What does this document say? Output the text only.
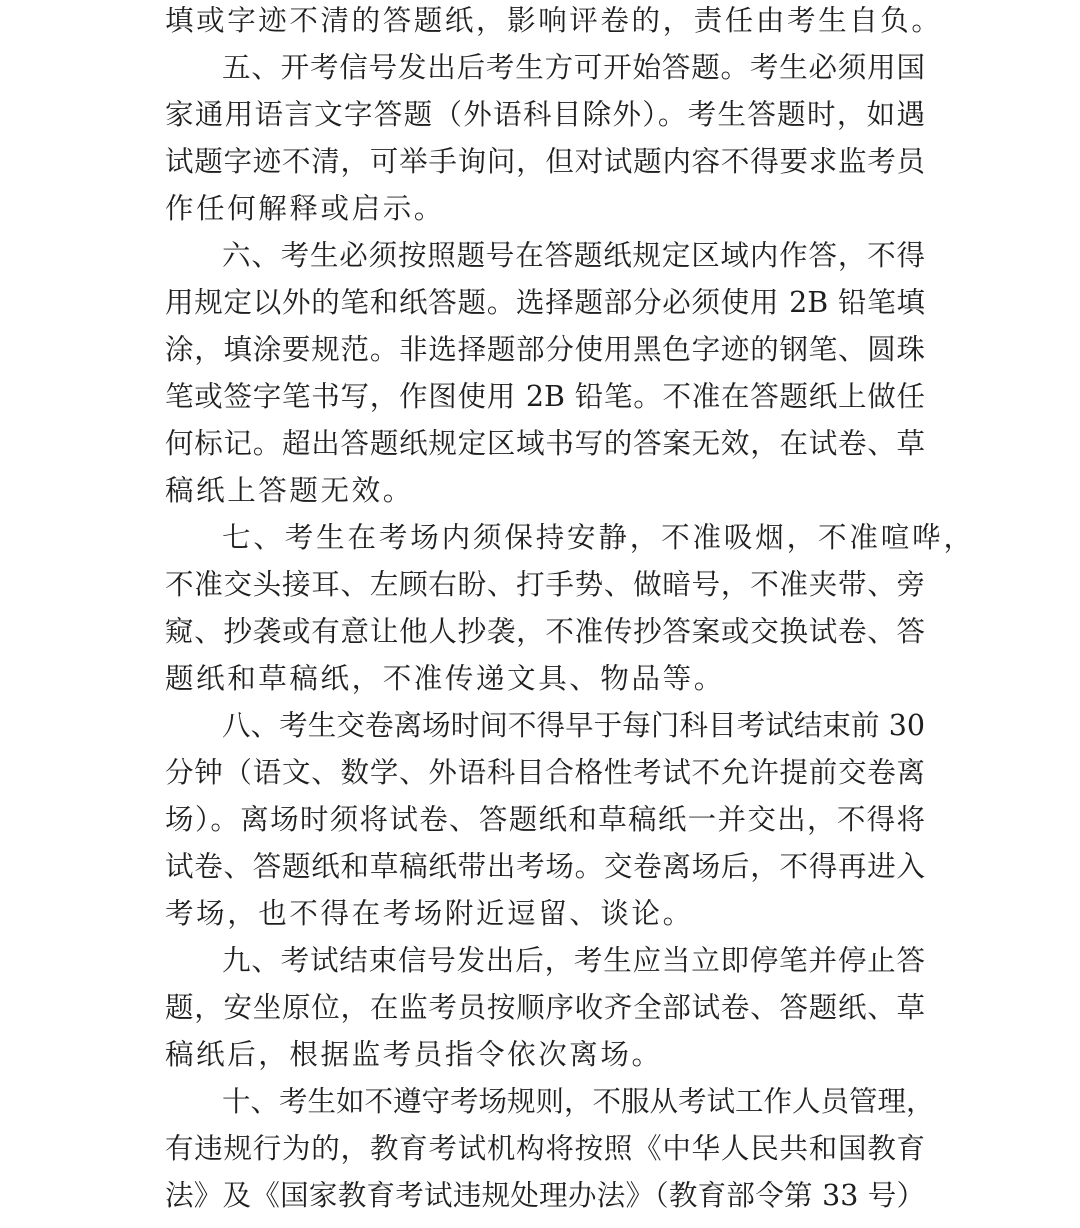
填或字迹不清的答题纸，影响评卷的，责任由考生自负。
五、开考信号发出后考生方可开始答题。考生必须用国
家通用语言文字答题（外语科目除外）。考生答题时，如遇
试题字迹不清，可举手询问，但对试题内容不得要求监考员
作任何解释或启示。
六、考生必须按照题号在答题纸规定区域内作答，不得
用规定以外的笔和纸答题。选择题部分必须使用 2B 铅笔填
涂，填涂要规范。非选择题部分使用黑色字迹的钢笔、圆珠
笔或签字笔书写，作图使用 2B 铅笔。不准在答题纸上做任
何标记。超出答题纸规定区域书写的答案无效，在试卷、草
稿纸上答题无效。
七、考生在考场内须保持安静，不准吸烟，不准喧哗，
不准交头接耳、左顾右盼、打手势、做暗号，不准夹带、旁
窥、抄袭或有意让他人抄袭，不准传抄答案或交换试卷、答
题纸和草稿纸，不准传递文具、物品等。
八、考生交卷离场时间不得早于每门科目考试结束前 30
分钟（语文、数学、外语科目合格性考试不允许提前交卷离
场）。离场时须将试卷、答题纸和草稿纸一并交出，不得将
试卷、答题纸和草稿纸带出考场。交卷离场后，不得再进入
考场，也不得在考场附近逗留、谈论。
九、考试结束信号发出后，考生应当立即停笔并停止答
题，安坐原位，在监考员按顺序收齐全部试卷、答题纸、草
稿纸后，根据监考员指令依次离场。
十、考生如不遵守考场规则，不服从考试工作人员管理，
有违规行为的，教育考试机构将按照《中华人民共和国教育
法》及《国家教育考试违规处理办法》（教育部令第 33 号）
